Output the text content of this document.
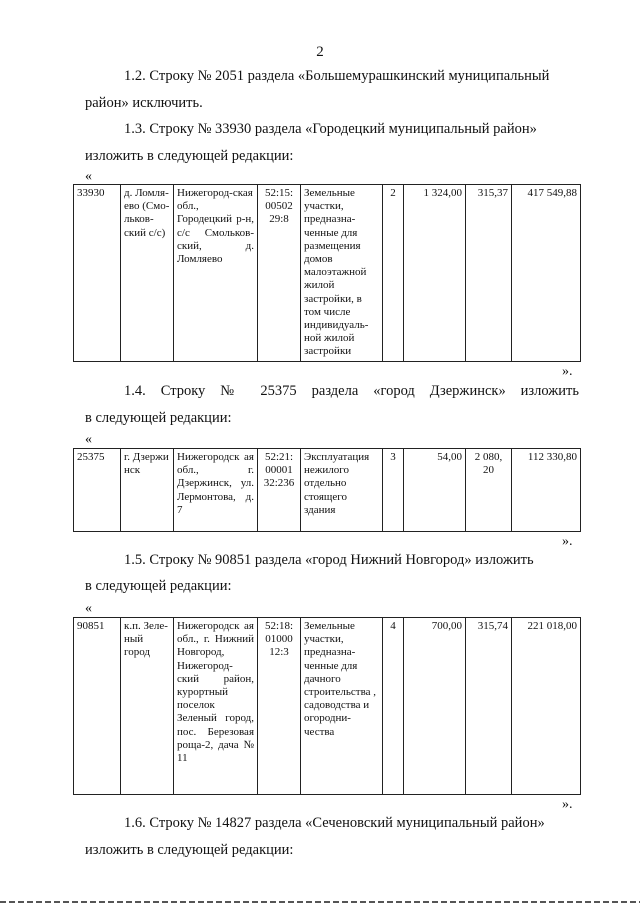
2
1.2. Строку № 2051 раздела «Большемурашкинский муниципальный
район» исключить.
1.3. Строку № 33930 раздела «Городецкий муниципальный район»
изложить в следующей редакции:
«
33930	д. Ломля-ево (Смо-льков-ский с/с)	Нижегород-ская обл., Городецкий р-н, с/с Смольков-ский, д. Ломляево	52:15: 00502 29:8	Земельные участки, предназна-ченные для размещения домов малоэтажной жилой застройки, в том числе индивидуаль-ной жилой застройки	2	1 324,00	315,37	417 549,88
».
1.4. Строку № 25375 раздела «город Дзержинск» изложить
в следующей редакции:
«
25375	г. Дзержи нск	Нижегородск ая обл., г. Дзержинск, ул. Лермонтова, д. 7	52:21: 00001 32:236	Эксплуатация нежилого отдельно стоящего здания	3	54,00	2 080, 20	112 330,80
».
1.5. Строку № 90851 раздела «город Нижний Новгород» изложить
в следующей редакции:
«
90851	к.п. Зеле-ный город	Нижегородск ая обл., г. Нижний Новгород, Нижегород-ский район, курортный поселок Зеленый город, пос. Березовая роща-2, дача № 11	52:18: 01000 12:3	Земельные участки, предназна-ченные для дачного строительства , садоводства и огородни-чества	4	700,00	315,74	221 018,00
».
1.6. Строку № 14827 раздела «Сеченовский муниципальный район»
изложить в следующей редакции:
